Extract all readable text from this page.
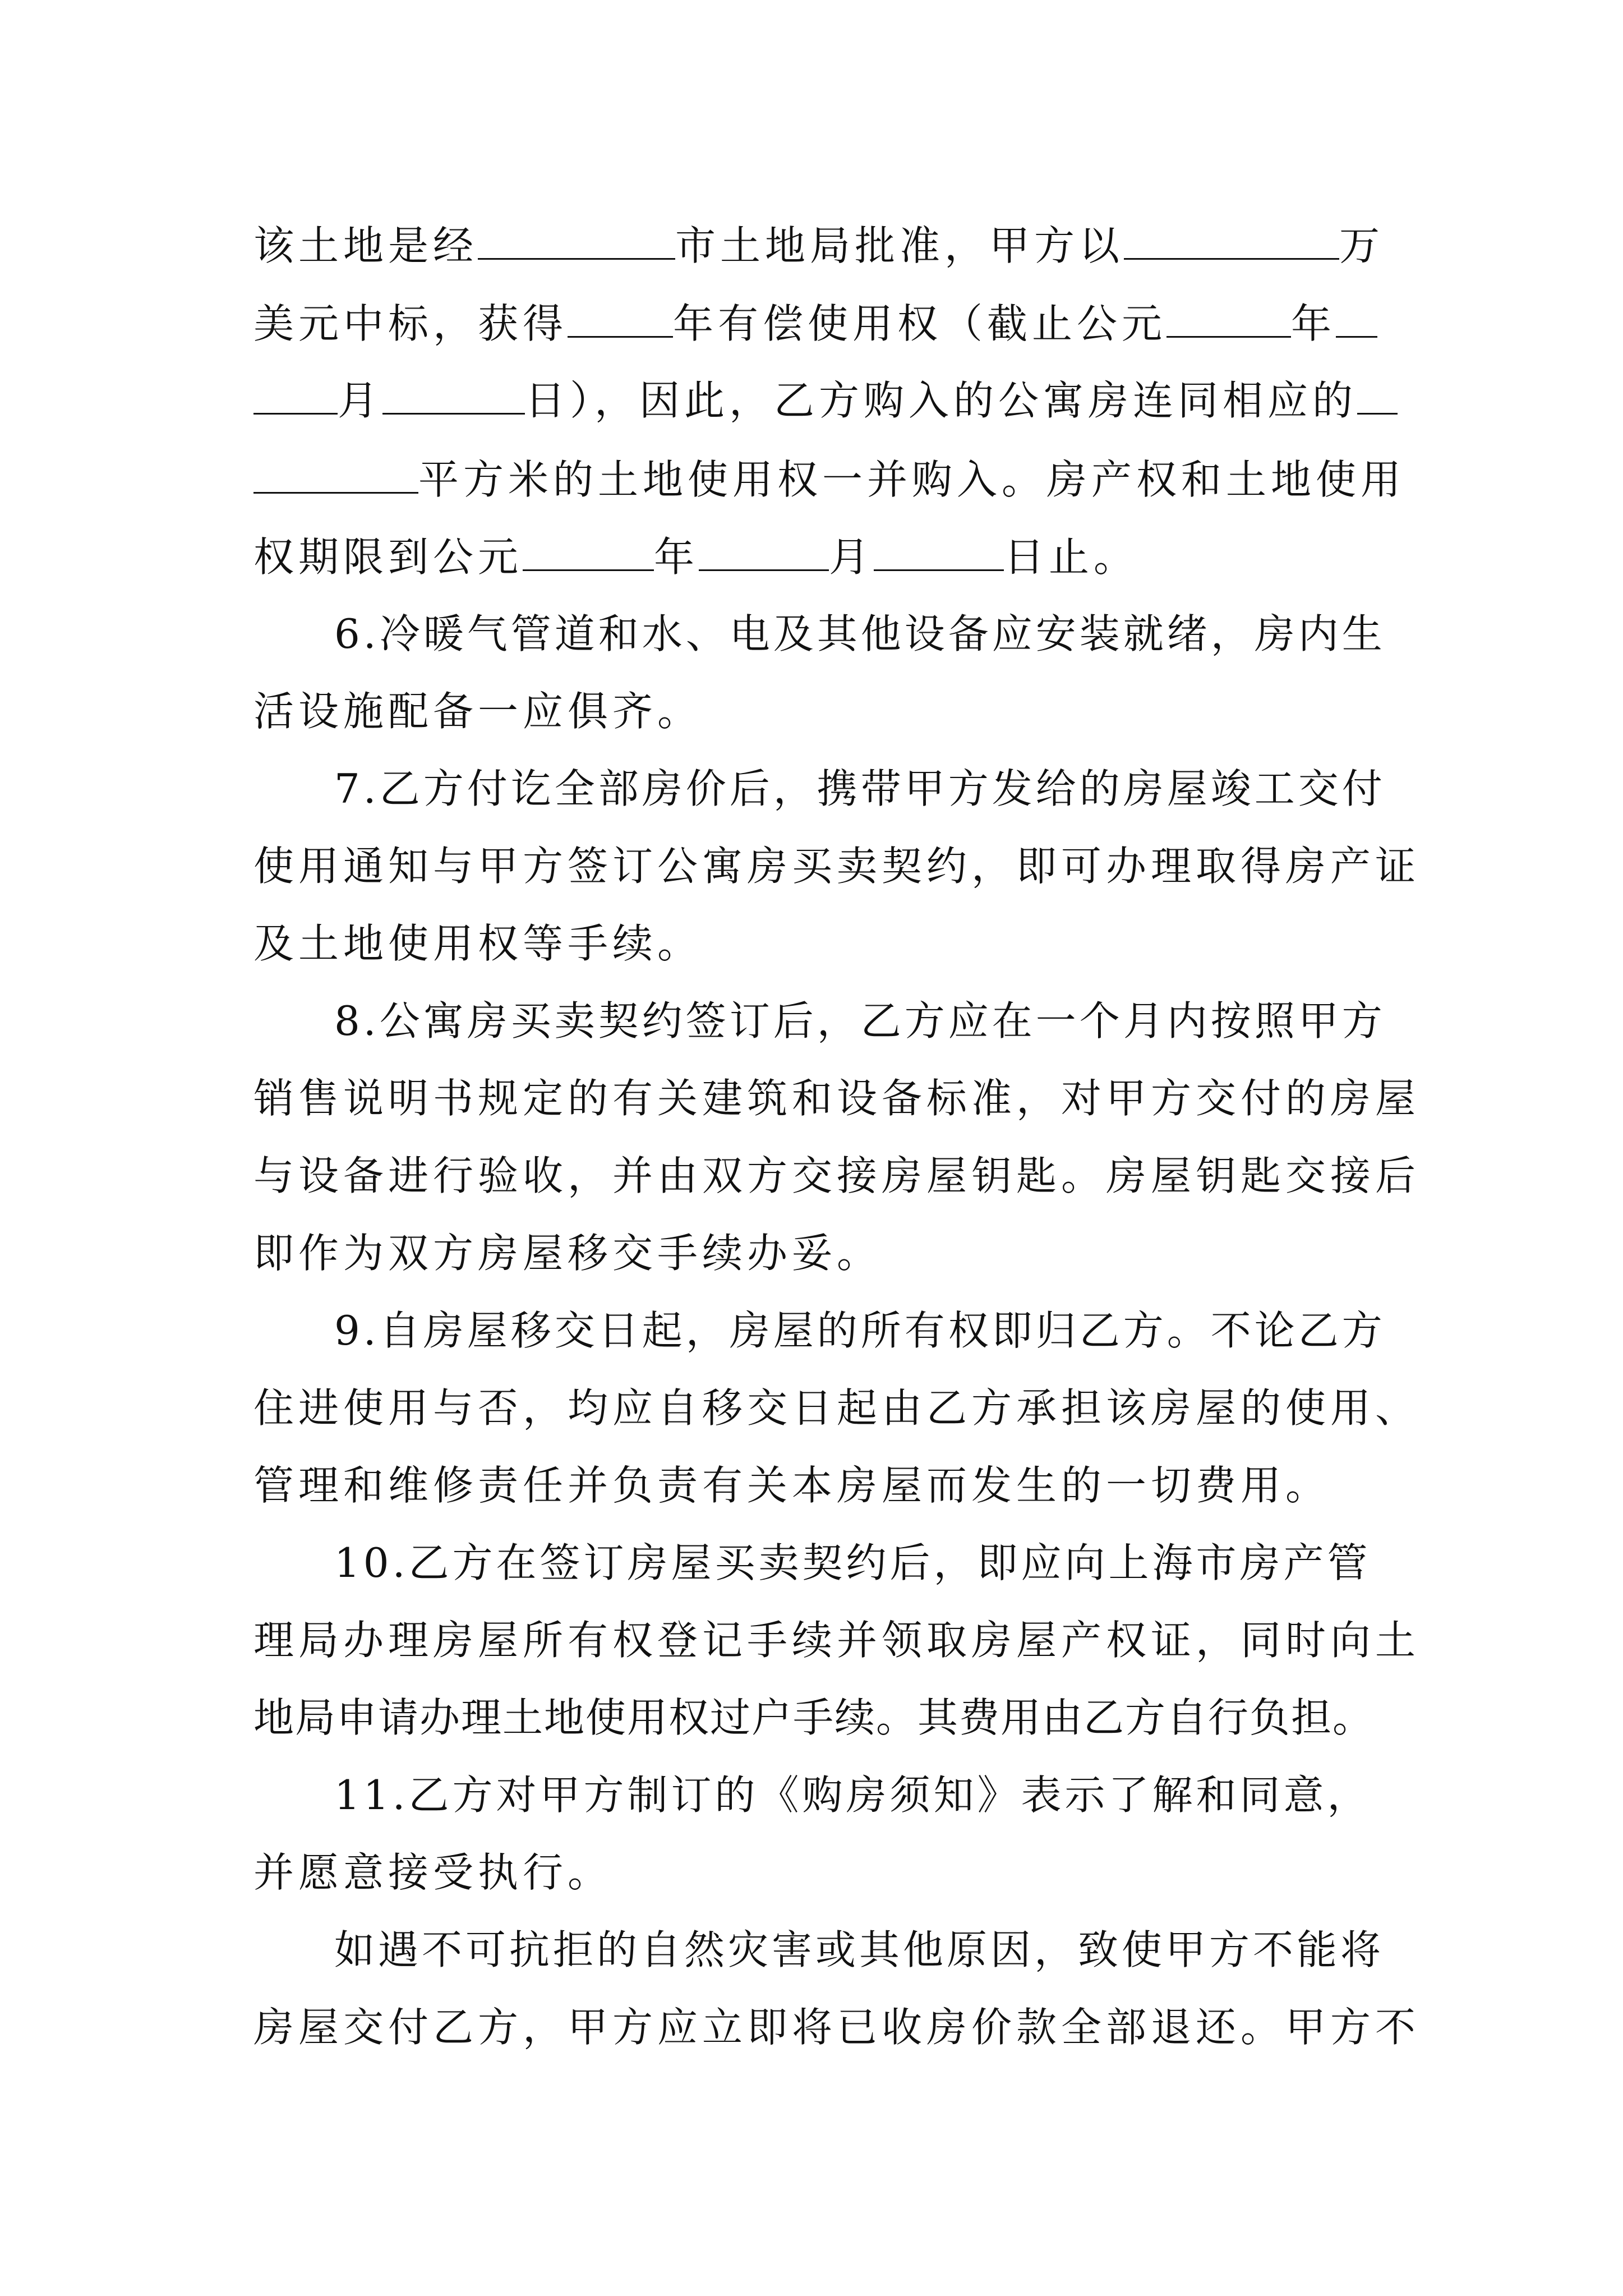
该土地是经	市土地局批准，甲方以	万
美元中标，获得	年有偿使用权（截止公元	年
月	日），因此，乙方购入的公寓房连同相应的
平方米的土地使用权一并购入。房产权和土地使用
权期限到公元	年	月	日止。
6.冷暖气管道和水、电及其他设备应安装就绪，房内生
活设施配备一应俱齐。
7.乙方付讫全部房价后，携带甲方发给的房屋竣工交付
使用通知与甲方签订公寓房买卖契约，即可办理取得房产证
及土地使用权等手续。
8.公寓房买卖契约签订后，乙方应在一个月内按照甲方
销售说明书规定的有关建筑和设备标准，对甲方交付的房屋
与设备进行验收，并由双方交接房屋钥匙。房屋钥匙交接后
即作为双方房屋移交手续办妥。
9.自房屋移交日起，房屋的所有权即归乙方。不论乙方
住进使用与否，均应自移交日起由乙方承担该房屋的使用、
管理和维修责任并负责有关本房屋而发生的一切费用。
10.乙方在签订房屋买卖契约后，即应向上海市房产管
理局办理房屋所有权登记手续并领取房屋产权证，同时向土
地局申请办理土地使用权过户手续。其费用由乙方自行负担。
11.乙方对甲方制订的《购房须知》表示了解和同意，
并愿意接受执行。
如遇不可抗拒的自然灾害或其他原因，致使甲方不能将
房屋交付乙方，甲方应立即将已收房价款全部退还。甲方不
